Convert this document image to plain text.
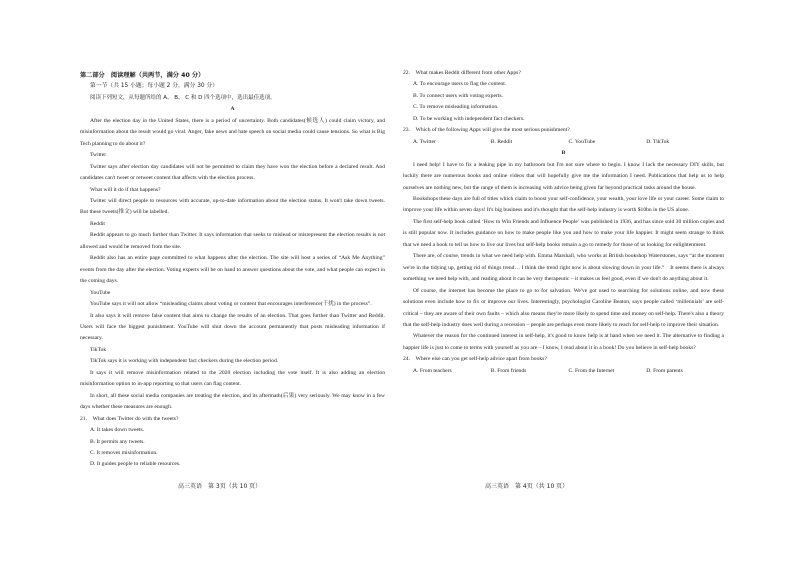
第二部分　阅读理解（共两节，满分 40 分）

第一节（共 15 小题；每小题 2 分，满分 30 分）

阅读下列短文，从每题所给的 A、 B、 C 和 D 四个选项中，选出最佳选项。

A

After the election day in the United States, there is a period of uncertainty. Both candidates(候选人) could claim victory, and misinformation about the result would go viral. Anger, fake news and hate speech on social media could cause tensions. So what is Big Tech planning to do about it?

Twitter

Twitter says after election day candidates will not be permitted to claim they have won the election before a declared result. And candidates can't tweet or retweet content that affects with the election process.

What will it do if that happens?

Twitter will direct people to resources with accurate, up-to-date information about the election status. It won't take down tweets. But these tweets(推文) will be labelled.

Reddit

Reddit appears to go much further than Twitter. It says information that seeks to mislead or misrepresent the election results is not allowed and would be removed from the site.

Reddit also has an entire page committed to what happens after the election. The site will host a series of “Ask Me Anything” events from the day after the election. Voting experts will be on hand to answer questions about the vote, and what people can expect in the coming days.

YouTube

YouTube says it will not allow “misleading claims about voting or content that encourages interference(干扰) in the process”.

It also says it will remove false content that aims to change the results of an election. That goes further than Twitter and Reddit. Users will face the biggest punishment. YouTube will shut down the account permanently that posts misleading information if necessary.

TikTok

TikTok says it is working with independent fact checkers during the election period.

It says it will remove misinformation related to the 2020 election including the vote itself. It is also adding an election misinformation option to in-app reporting so that users can flag content.

In short, all these social media companies are treating the election, and its aftermath(后果) very seriously. We may know in a few days whether these measures are enough.

21.　What does Twitter do with the tweets?

A. It takes down tweets.

B. It permits any tweets.

C. It removes misinformation.

D. It guides people to reliable resources.

高三英语　第 3页（共 10 页）

22.　What makes Reddit different from other Apps?

A. To encourage users to flag the content.

B. To connect users with voting experts.

C. To remove misleading information.

D. To be working with independent fact checkers.

23.　Which of the following Apps will give the most serious punishment?

A. Twitter	B. Reddit	C. YouTube	D. TikTok

B

I need help! I have to fix a leaking pipe in my bathroom but I'm not sure where to begin. I know I lack the necessary DIY skills, but luckily there are numerous books and online videos that will hopefully give me the information I need. Publications that help us to help ourselves are nothing new, but the range of them is increasing with advice being given far beyond practical tasks around the house.

Bookshops these days are full of titles which claim to boost your self-confidence, your wealth, your love life or your career. Some claim to improve your life within seven days! It's big business and it's thought that the self-help industry is worth $10bn in the US alone.

The first self-help book called ‘How to Win Friends and Influence People’ was published in 1936, and has since sold 30 million copies and is still popular now. It includes guidance on how to make people like you and how to make your life happier. It might seem strange to think that we need a book to tell us how to live our lives but self-help books remain a go to remedy for those of us looking for enlightenment.

There are, of course, trends in what we need help with. Emma Marshall, who works at British bookshop Waterstones, says “at the moment we're in the tidying up, getting rid of things trend… I think the trend right now is about slowing down in your life.”　It seems there is always something we need help with, and reading about it can be very therapeutic – it makes us feel good, even if we don't do anything about it.

Of course, the internet has become the place to go to for salvation. We've got used to searching for solutions online, and now these solutions even include how to fix or improve our lives. Interestingly, psychologist Caroline Beaton, says people called ‘millennials’ are self-critical – they are aware of their own faults – which also means they're more likely to spend time and money on self-help. There's also a theory that the self-help industry does well during a recession – people are perhaps even more likely to reach for self-help to improve their situation.

Whatever the reason for the continued interest in self-help, it's good to know help is at hand when we need it. The alternative to finding a happier life is just to come to terms with yourself as you are – I know, I read about it in a book! Do you believe in self-help books?

24.　Where else can you get self-help advice apart from books?

A. From teachers	B. From friends	C. From the Internet	D. From parents
高三英语　第 4页（共 10 页）
